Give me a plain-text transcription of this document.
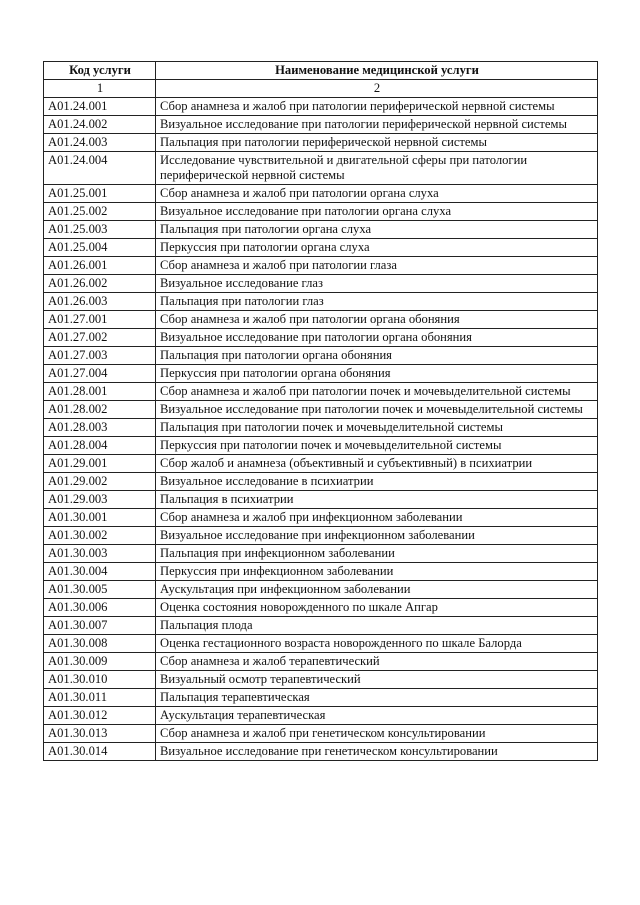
Код услуги	Наименование медицинской услуги
1	2
A01.24.001	Сбор анамнеза и жалоб при патологии периферической нервной системы
A01.24.002	Визуальное исследование при патологии периферической нервной системы
A01.24.003	Пальпация при патологии периферической нервной системы
A01.24.004	Исследование чувствительной и двигательной сферы при патологии периферической нервной системы
A01.25.001	Сбор анамнеза и жалоб при патологии органа слуха
A01.25.002	Визуальное исследование при патологии органа слуха
A01.25.003	Пальпация при патологии органа слуха
A01.25.004	Перкуссия при патологии органа слуха
A01.26.001	Сбор анамнеза и жалоб при патологии глаза
A01.26.002	Визуальное исследование глаз
A01.26.003	Пальпация при патологии глаз
A01.27.001	Сбор анамнеза и жалоб при патологии органа обоняния
A01.27.002	Визуальное исследование при патологии органа обоняния
A01.27.003	Пальпация при патологии органа обоняния
A01.27.004	Перкуссия при патологии органа обоняния
A01.28.001	Сбор анамнеза и жалоб при патологии почек и мочевыделительной системы
A01.28.002	Визуальное исследование при патологии почек и мочевыделительной системы
A01.28.003	Пальпация при патологии почек и мочевыделительной системы
A01.28.004	Перкуссия при патологии почек и мочевыделительной системы
A01.29.001	Сбор жалоб и анамнеза (объективный и субъективный) в психиатрии
A01.29.002	Визуальное исследование в психиатрии
A01.29.003	Пальпация в психиатрии
A01.30.001	Сбор анамнеза и жалоб при инфекционном заболевании
A01.30.002	Визуальное исследование при инфекционном заболевании
A01.30.003	Пальпация при инфекционном заболевании
A01.30.004	Перкуссия при инфекционном заболевании
A01.30.005	Аускультация при инфекционном заболевании
A01.30.006	Оценка состояния новорожденного по шкале Апгар
A01.30.007	Пальпация плода
A01.30.008	Оценка гестационного возраста новорожденного по шкале Балорда
A01.30.009	Сбор анамнеза и жалоб терапевтический
A01.30.010	Визуальный осмотр терапевтический
A01.30.011	Пальпация терапевтическая
A01.30.012	Аускультация терапевтическая
A01.30.013	Сбор анамнеза и жалоб при генетическом консультировании
A01.30.014	Визуальное исследование при генетическом консультировании
